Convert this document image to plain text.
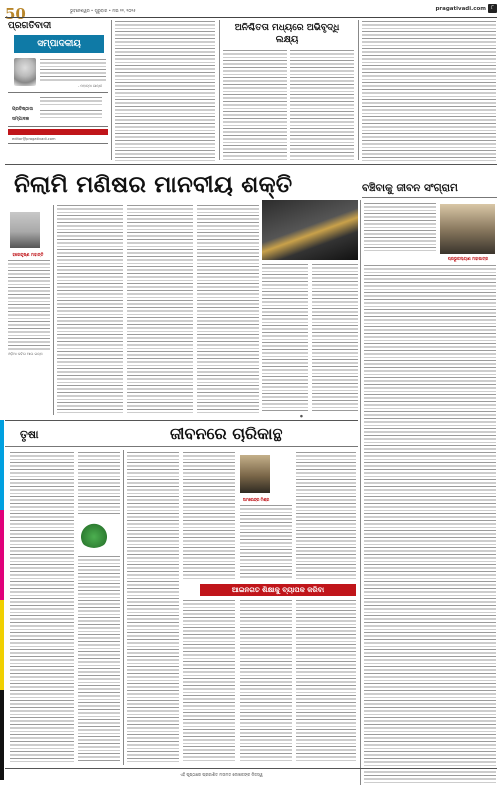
50	ଭୁବନେଶ୍ୱର • ଗୁରୁବାର • ମଇ ୨୨, ୨୦୨୫	pragativadi.com	୮
ପ୍ରଗତିବାଦୀ
ସମ୍ପାଦକୀୟ
- ମହାତ୍ମା ଗାନ୍ଧୀ
ପ୍ରତିଷ୍ଠାତା
ସମ୍ପାଦକ
editor@pragativadi.com
ଅନିଶ୍ଚିତତା ମଧ୍ୟରେ ଅଭିବୃଦ୍ଧି ଲକ୍ଷ୍ୟ
ନିଲାମି ମଣିଷର ମାନବୀୟ ଶକ୍ତି	ବଞ୍ଚିବାକୁ ଜୀବନ ସଂଗ୍ରାମ
ହରେକୃଷ୍ଣ ମହାନ୍ତି
ଓଡ଼ିଆ କବିତା ଆଉ ଗଳ୍ପ
ପ୍ରଭୁକଲ୍ୟାଣ ମହାପାତ୍ର
●
ତୃଷା	ଜୀବନରେ ଚାରିକାନ୍ଥ
ଅମରେନ୍ଦ୍ର ମିଶ୍ର
ଆଇନଗତ ଶିକ୍ଷାକୁ ବ୍ୟାପକ କରିବା
ଏହି ପୃଷ୍ଠାରେ ପ୍ରକାଶିତ ମତାମତ ଲେଖକଙ୍କ ନିଜସ୍ୱ
